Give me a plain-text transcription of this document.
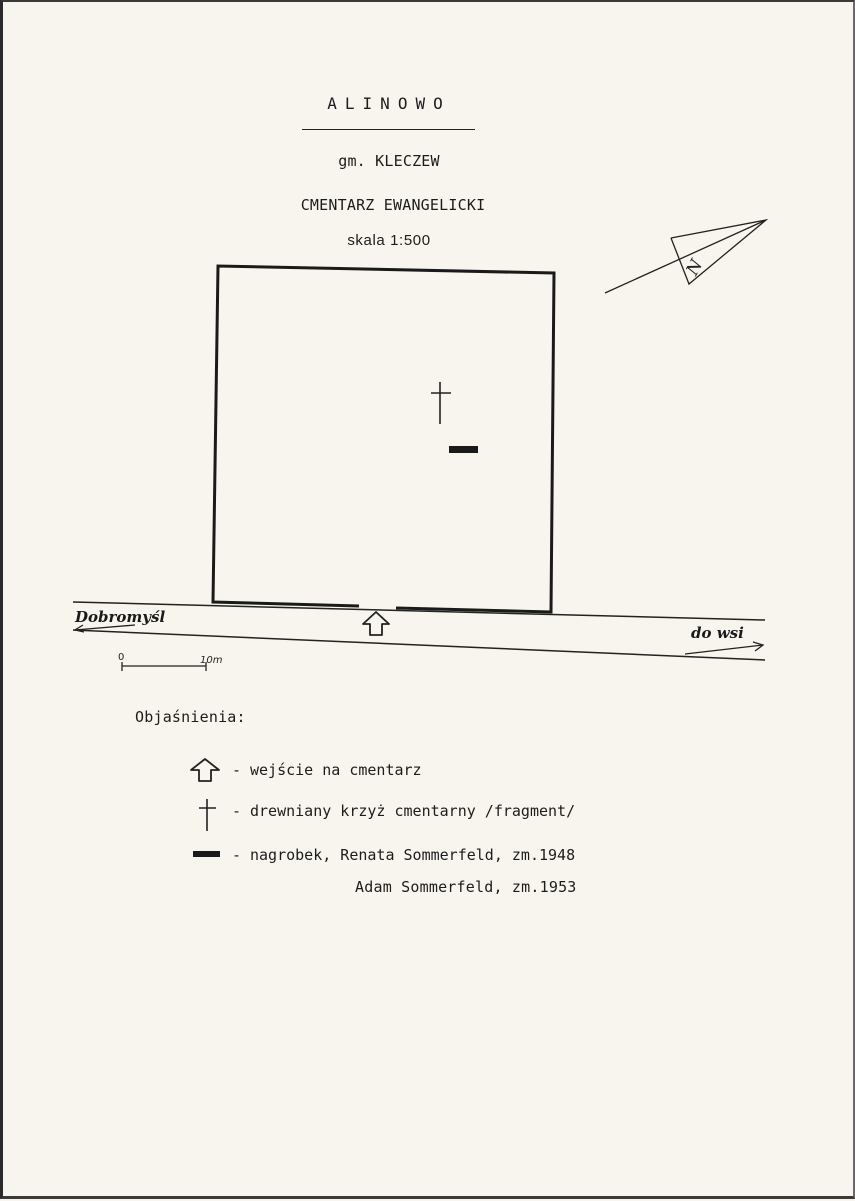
ALINOWO
gm. KLECZEW
CMENTARZ EWANGELICKI
skala 1:500
N
Dobromyśl
do wsi
0	10m
Objaśnienia:
- wejście na cmentarz
- drewniany krzyż cmentarny /fragment/
- nagrobek, Renata Sommerfeld, zm.1948
Adam Sommerfeld, zm.1953
